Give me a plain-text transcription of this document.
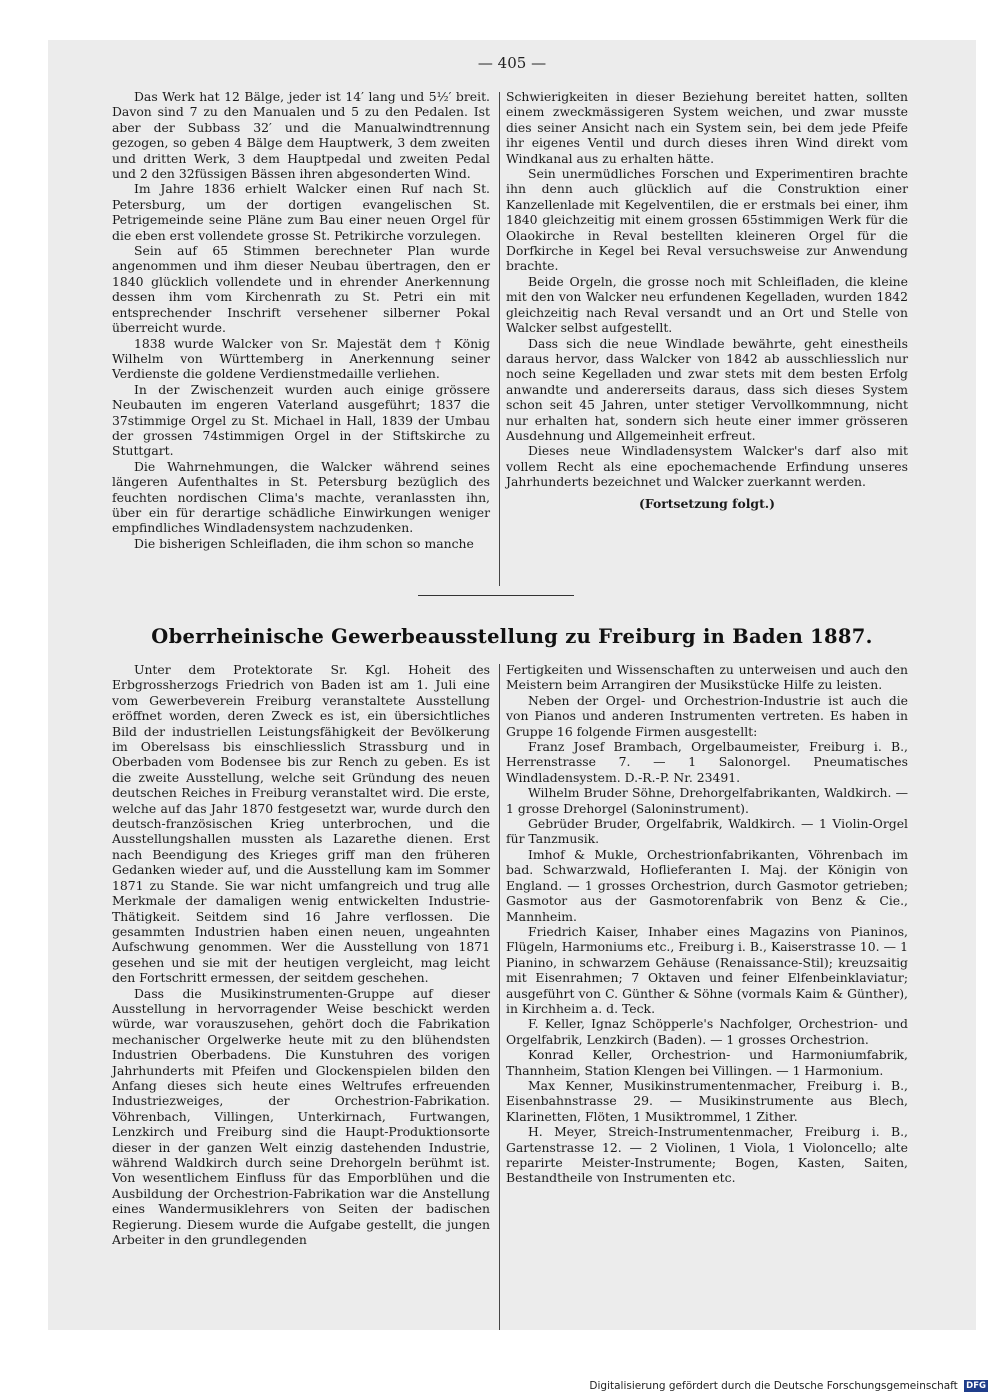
— 405 —

Das Werk hat 12 Bälge, jeder ist 14′ lang und 5½′ breit. Davon sind 7 zu den Manualen und 5 zu den Pedalen. Ist aber der Subbass 32′ und die Manualwindtrennung gezogen, so geben 4 Bälge dem Hauptwerk, 3 dem zweiten und dritten Werk, 3 dem Hauptpedal und zweiten Pedal und 2 den 32füssigen Bässen ihren abgesonderten Wind.

Im Jahre 1836 erhielt Walcker einen Ruf nach St. Petersburg, um der dortigen evangelischen St. Petrigemeinde seine Pläne zum Bau einer neuen Orgel für die eben erst vollendete grosse St. Petrikirche vorzulegen.

Sein auf 65 Stimmen berechneter Plan wurde angenommen und ihm dieser Neubau übertragen, den er 1840 glücklich vollendete und in ehrender Anerkennung dessen ihm vom Kirchenrath zu St. Petri ein mit entsprechender Inschrift versehener silberner Pokal überreicht wurde.

1838 wurde Walcker von Sr. Majestät dem † König Wilhelm von Württemberg in Anerkennung seiner Verdienste die goldene Verdienstmedaille verliehen.

In der Zwischenzeit wurden auch einige grössere Neubauten im engeren Vaterland ausgeführt; 1837 die 37stimmige Orgel zu St. Michael in Hall, 1839 der Umbau der grossen 74stimmigen Orgel in der Stiftskirche zu Stuttgart.

Die Wahrnehmungen, die Walcker während seines längeren Aufenthaltes in St. Petersburg bezüglich des feuchten nordischen Clima's machte, veranlassten ihn, über ein für derartige schädliche Einwirkungen weniger empfindliches Windladensystem nachzudenken.

Die bisherigen Schleifladen, die ihm schon so manche

Schwierigkeiten in dieser Beziehung bereitet hatten, sollten einem zweckmässigeren System weichen, und zwar musste dies seiner Ansicht nach ein System sein, bei dem jede Pfeife ihr eigenes Ventil und durch dieses ihren Wind direkt vom Windkanal aus zu erhalten hätte.

Sein unermüdliches Forschen und Experimentiren brachte ihn denn auch glücklich auf die Construktion einer Kanzellenlade mit Kegelventilen, die er erstmals bei einer, ihm 1840 gleichzeitig mit einem grossen 65stimmigen Werk für die Olaokirche in Reval bestellten kleineren Orgel für die Dorfkirche in Kegel bei Reval versuchsweise zur Anwendung brachte.

Beide Orgeln, die grosse noch mit Schleifladen, die kleine mit den von Walcker neu erfundenen Kegelladen, wurden 1842 gleichzeitig nach Reval versandt und an Ort und Stelle von Walcker selbst aufgestellt.

Dass sich die neue Windlade bewährte, geht einestheils daraus hervor, dass Walcker von 1842 ab ausschliesslich nur noch seine Kegelladen und zwar stets mit dem besten Erfolg anwandte und andererseits daraus, dass sich dieses System schon seit 45 Jahren, unter stetiger Vervollkommnung, nicht nur erhalten hat, sondern sich heute einer immer grösseren Ausdehnung und Allgemeinheit erfreut.

Dieses neue Windladensystem Walcker's darf also mit vollem Recht als eine epochemachende Erfindung unseres Jahrhunderts bezeichnet und Walcker zuerkannt werden.

(Fortsetzung folgt.)

Oberrheinische Gewerbeausstellung zu Freiburg in Baden 1887.

Unter dem Protektorate Sr. Kgl. Hoheit des Erbgrossherzogs Friedrich von Baden ist am 1. Juli eine vom Gewerbeverein Freiburg veranstaltete Ausstellung eröffnet worden, deren Zweck es ist, ein übersichtliches Bild der industriellen Leistungsfähigkeit der Bevölkerung im Oberelsass bis einschliesslich Strassburg und in Oberbaden vom Bodensee bis zur Rench zu geben. Es ist die zweite Ausstellung, welche seit Gründung des neuen deutschen Reiches in Freiburg veranstaltet wird. Die erste, welche auf das Jahr 1870 festgesetzt war, wurde durch den deutsch-französischen Krieg unterbrochen, und die Ausstellungshallen mussten als Lazarethe dienen. Erst nach Beendigung des Krieges griff man den früheren Gedanken wieder auf, und die Ausstellung kam im Sommer 1871 zu Stande. Sie war nicht umfangreich und trug alle Merkmale der damaligen wenig entwickelten Industrie-Thätigkeit. Seitdem sind 16 Jahre verflossen. Die gesammten Industrien haben einen neuen, ungeahnten Aufschwung genommen. Wer die Ausstellung von 1871 gesehen und sie mit der heutigen vergleicht, mag leicht den Fortschritt ermessen, der seitdem geschehen.

Dass die Musikinstrumenten-Gruppe auf dieser Ausstellung in hervorragender Weise beschickt werden würde, war vorauszusehen, gehört doch die Fabrikation mechanischer Orgelwerke heute mit zu den blühendsten Industrien Oberbadens. Die Kunstuhren des vorigen Jahrhunderts mit Pfeifen und Glockenspielen bilden den Anfang dieses sich heute eines Weltrufes erfreuenden Industriezweiges, der Orchestrion-Fabrikation. Vöhrenbach, Villingen, Unterkirnach, Furtwangen, Lenzkirch und Freiburg sind die Haupt-Produktionsorte dieser in der ganzen Welt einzig dastehenden Industrie, während Waldkirch durch seine Drehorgeln berühmt ist. Von wesentlichem Einfluss für das Emporblühen und die Ausbildung der Orchestrion-Fabrikation war die Anstellung eines Wandermusiklehrers von Seiten der badischen Regierung. Diesem wurde die Aufgabe gestellt, die jungen Arbeiter in den grundlegenden

Fertigkeiten und Wissenschaften zu unterweisen und auch den Meistern beim Arrangiren der Musikstücke Hilfe zu leisten.

Neben der Orgel- und Orchestrion-Industrie ist auch die von Pianos und anderen Instrumenten vertreten. Es haben in Gruppe 16 folgende Firmen ausgestellt:

Franz Josef Brambach, Orgelbaumeister, Freiburg i. B., Herrenstrasse 7. — 1 Salonorgel. Pneumatisches Windladensystem. D.-R.-P. Nr. 23491.

Wilhelm Bruder Söhne, Drehorgelfabrikanten, Waldkirch. — 1 grosse Drehorgel (Saloninstrument).

Gebrüder Bruder, Orgelfabrik, Waldkirch. — 1 Violin-Orgel für Tanzmusik.

Imhof & Mukle, Orchestrionfabrikanten, Vöhrenbach im bad. Schwarzwald, Hoflieferanten I. Maj. der Königin von England. — 1 grosses Orchestrion, durch Gasmotor getrieben; Gasmotor aus der Gasmotorenfabrik von Benz & Cie., Mannheim.

Friedrich Kaiser, Inhaber eines Magazins von Pianinos, Flügeln, Harmoniums etc., Freiburg i. B., Kaiserstrasse 10. — 1 Pianino, in schwarzem Gehäuse (Renaissance-Stil); kreuzsaitig mit Eisenrahmen; 7 Oktaven und feiner Elfenbeinklaviatur; ausgeführt von C. Günther & Söhne (vormals Kaim & Günther), in Kirchheim a. d. Teck.

F. Keller, Ignaz Schöpperle's Nachfolger, Orchestrion- und Orgelfabrik, Lenzkirch (Baden). — 1 grosses Orchestrion.

Konrad Keller, Orchestrion- und Harmoniumfabrik, Thannheim, Station Klengen bei Villingen. — 1 Harmonium.

Max Kenner, Musikinstrumentenmacher, Freiburg i. B., Eisenbahnstrasse 29. — Musikinstrumente aus Blech, Klarinetten, Flöten, 1 Musiktrommel, 1 Zither.

H. Meyer, Streich-Instrumentenmacher, Freiburg i. B., Gartenstrasse 12. — 2 Violinen, 1 Viola, 1 Violoncello; alte reparirte Meister-Instrumente; Bogen, Kasten, Saiten, Bestandtheile von Instrumenten etc.

Digitalisierung gefördert durch die Deutsche Forschungsgemeinschaft DFG
